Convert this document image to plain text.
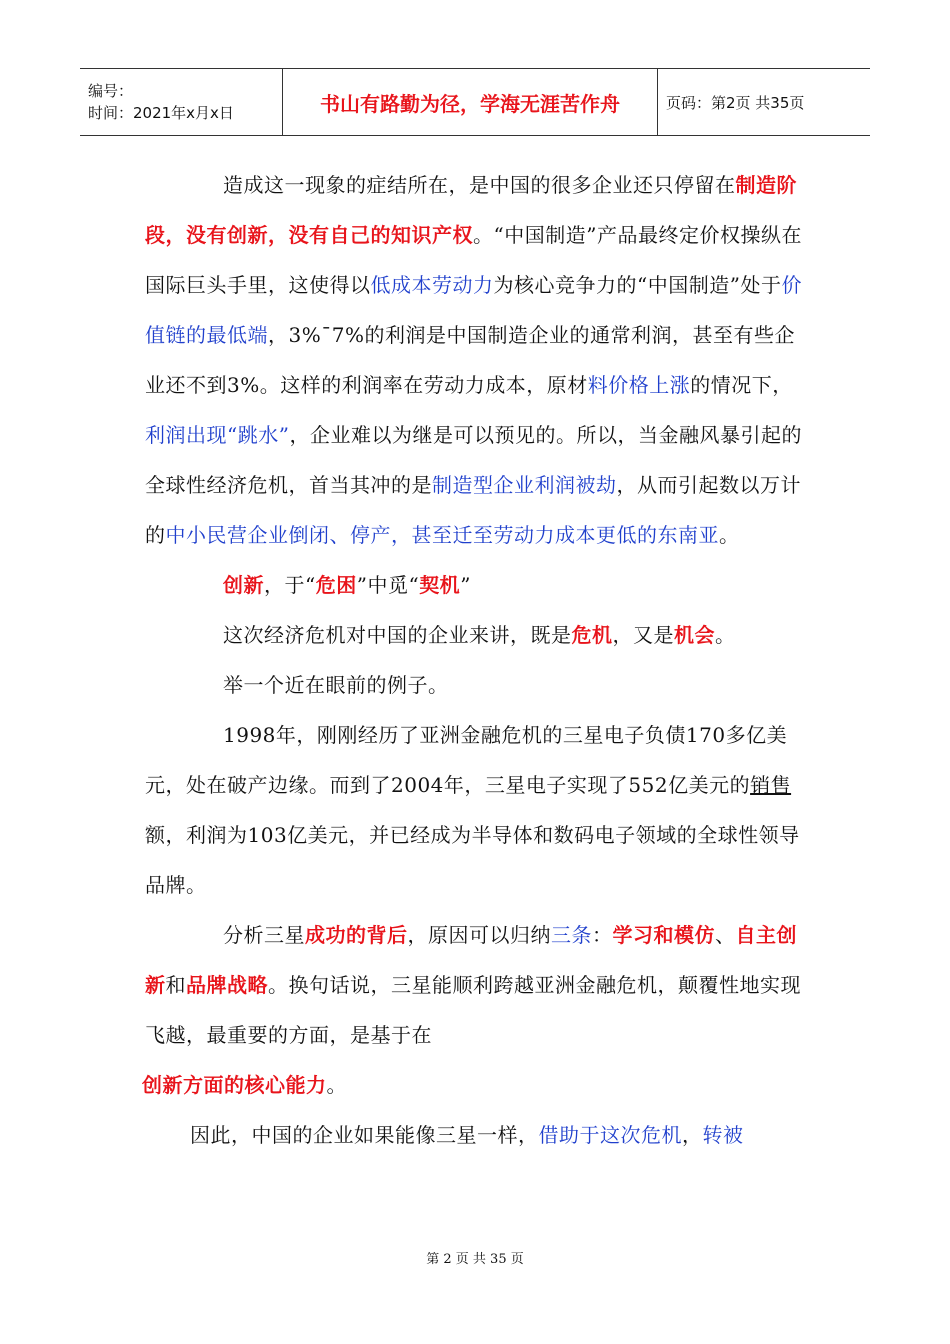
编号：
时间：2021年x月x日	书山有路勤为径，学海无涯苦作舟	页码：第2页 共35页

造成这一现象的症结所在，是中国的很多企业还只停留在制造阶段，没有创新，没有自己的知识产权。“中国制造”产品最终定价权操纵在国际巨头手里，这使得以低成本劳动力为核心竞争力的“中国制造”处于价值链的最低端，3%¯7%的利润是中国制造企业的通常利润，甚至有些企业还不到3%。这样的利润率在劳动力成本，原材料价格上涨的情况下，利润出现“跳水”，企业难以为继是可以预见的。所以，当金融风暴引起的全球性经济危机，首当其冲的是制造型企业利润被劫，从而引起数以万计的中小民营企业倒闭、停产，甚至迁至劳动力成本更低的东南亚。

创新，于“危困”中觅“契机”

这次经济危机对中国的企业来讲，既是危机，又是机会。

举一个近在眼前的例子。

1998年，刚刚经历了亚洲金融危机的三星电子负债170多亿美元，处在破产边缘。而到了2004年，三星电子实现了552亿美元的销售额，利润为103亿美元，并已经成为半导体和数码电子领域的全球性领导品牌。

分析三星成功的背后，原因可以归纳三条：学习和模仿、自主创新和品牌战略。换句话说，三星能顺利跨越亚洲金融危机，颠覆性地实现飞越，最重要的方面，是基于在

创新方面的核心能力。

因此，中国的企业如果能像三星一样，借助于这次危机，转被

第 2 页 共 35 页
